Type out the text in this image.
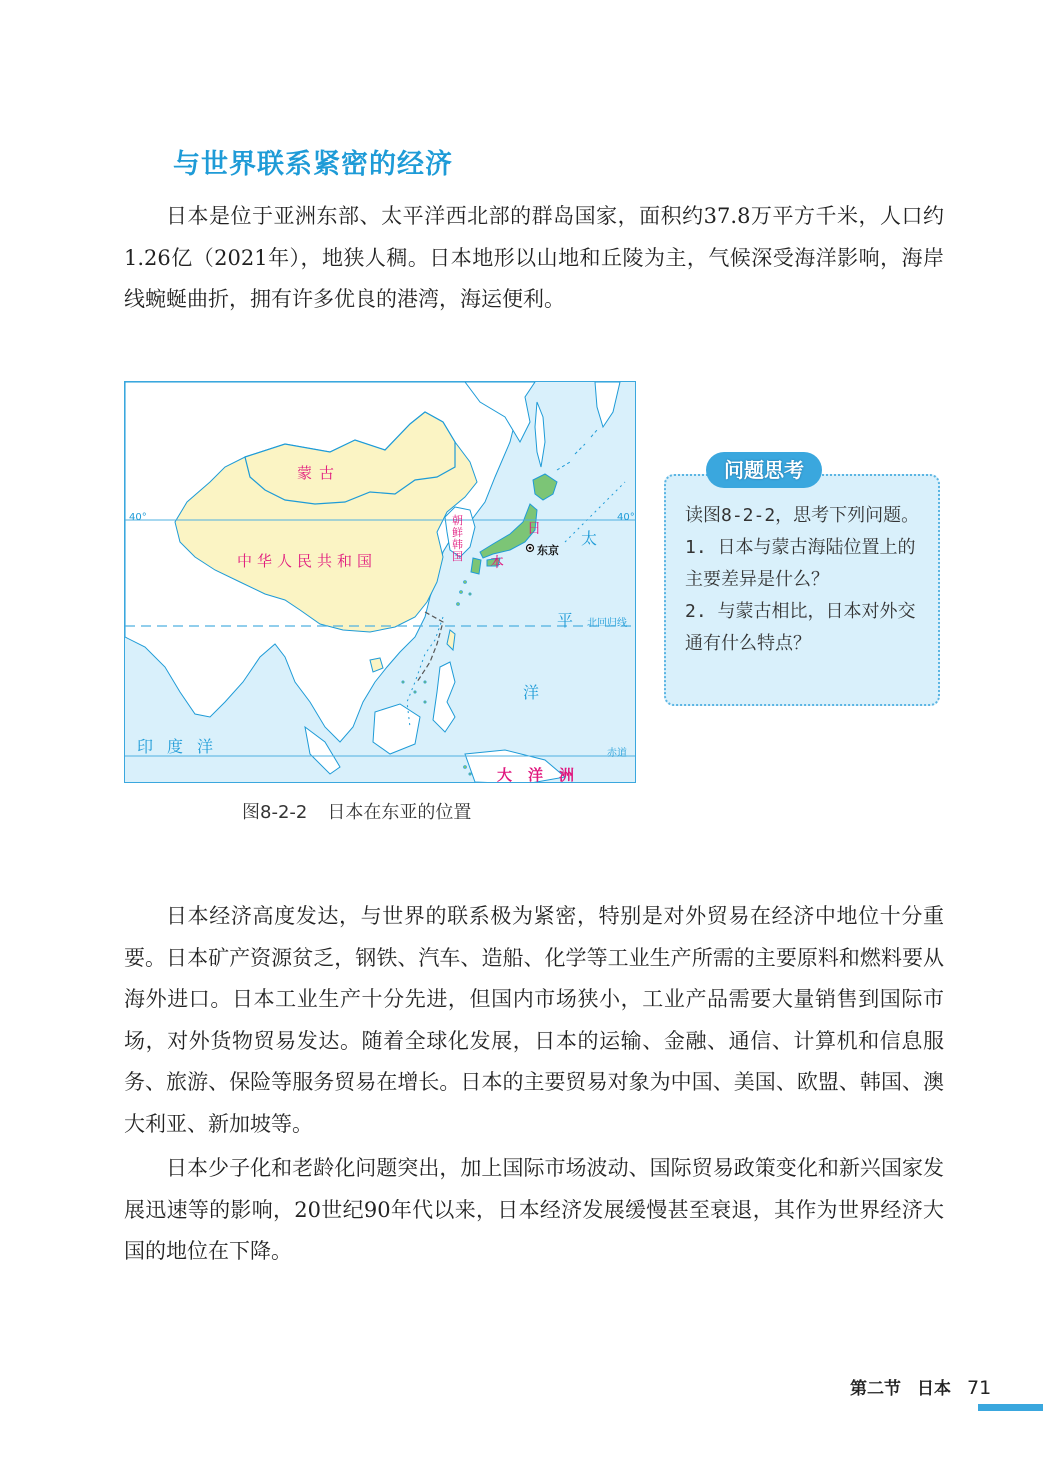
与世界联系紧密的经济

日本是位于亚洲东部、太平洋西北部的群岛国家，面积约37.8万平方千米，人口约1.26亿（2021年），地狭人稠。日本地形以山地和丘陵为主，气候深受海洋影响，海岸线蜿蜒曲折，拥有许多优良的港湾，海运便利。

蒙古
中华人民共和国
朝
鲜
韩
国
日
本
东京
太
平
洋
印度洋
大洋洲
40°	40°
北回归线
赤道
图8-2-2 日本在东亚的位置
问题思考

读图8-2-2，思考下列问题。

1. 日本与蒙古海陆位置上的主要差异是什么？

2. 与蒙古相比，日本对外交通有什么特点？

日本经济高度发达，与世界的联系极为紧密，特别是对外贸易在经济中地位十分重要。日本矿产资源贫乏，钢铁、汽车、造船、化学等工业生产所需的主要原料和燃料要从海外进口。日本工业生产十分先进，但国内市场狭小，工业产品需要大量销售到国际市场，对外货物贸易发达。随着全球化发展，日本的运输、金融、通信、计算机和信息服务、旅游、保险等服务贸易在增长。日本的主要贸易对象为中国、美国、欧盟、韩国、澳大利亚、新加坡等。

日本少子化和老龄化问题突出，加上国际市场波动、国际贸易政策变化和新兴国家发展迅速等的影响，20世纪90年代以来，日本经济发展缓慢甚至衰退，其作为世界经济大国的地位在下降。

第二节 日本 71
